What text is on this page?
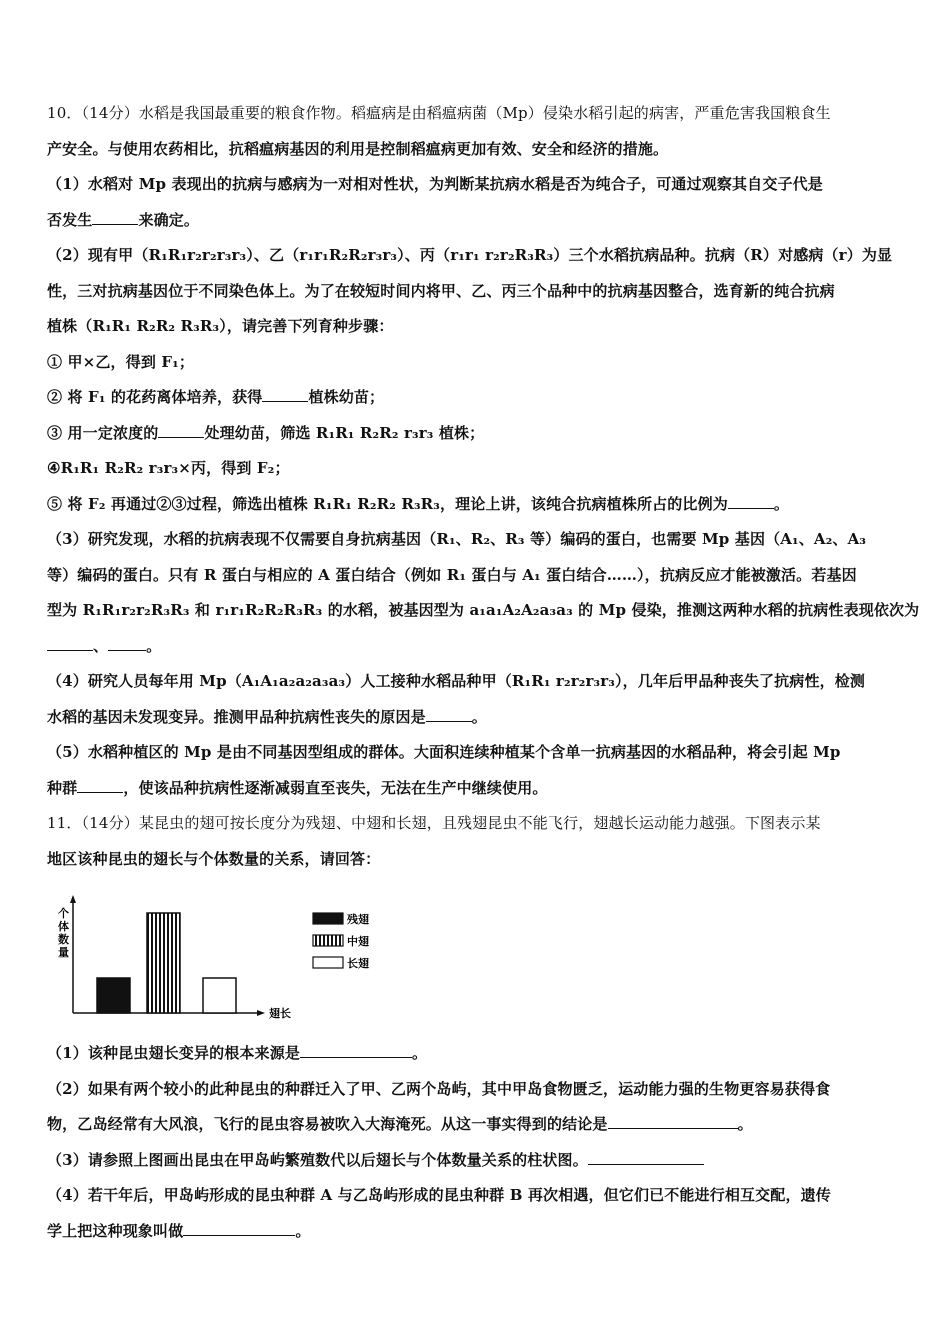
10．（14分）水稻是我国最重要的粮食作物。稻瘟病是由稻瘟病菌（Mp）侵染水稻引起的病害，严重危害我国粮食生
产安全。与使用农药相比，抗稻瘟病基因的利用是控制稻瘟病更加有效、安全和经济的措施。
（1）水稻对 Mp 表现出的抗病与感病为一对相对性状，为判断某抗病水稻是否为纯合子，可通过观察其自交子代是
否发生	来确定。
（2）现有甲（R₁R₁r₂r₂r₃r₃）、乙（r₁r₁R₂R₂r₃r₃）、丙（r₁r₁ r₂r₂R₃R₃）三个水稻抗病品种。抗病（R）对感病（r）为显
性，三对抗病基因位于不同染色体上。为了在较短时间内将甲、乙、丙三个品种中的抗病基因整合，选育新的纯合抗病
植株（R₁R₁ R₂R₂ R₃R₃），请完善下列育种步骤：
① 甲×乙，得到 F₁；
② 将 F₁ 的花药离体培养，获得	植株幼苗；
③ 用一定浓度的	处理幼苗，筛选 R₁R₁ R₂R₂ r₃r₃ 植株；
④R₁R₁ R₂R₂ r₃r₃×丙，得到 F₂；
⑤ 将 F₂ 再通过②③过程，筛选出植株 R₁R₁ R₂R₂ R₃R₃，理论上讲，该纯合抗病植株所占的比例为	。
（3）研究发现，水稻的抗病表现不仅需要自身抗病基因（R₁、R₂、R₃ 等）编码的蛋白，也需要 Mp 基因（A₁、A₂、A₃
等）编码的蛋白。只有 R 蛋白与相应的 A 蛋白结合（例如 R₁ 蛋白与 A₁ 蛋白结合……），抗病反应才能被激活。若基因
型为 R₁R₁r₂r₂R₃R₃ 和 r₁r₁R₂R₂R₃R₃ 的水稻，被基因型为 a₁a₁A₂A₂a₃a₃ 的 Mp 侵染，推测这两种水稻的抗病性表现依次为
、	。
（4）研究人员每年用 Mp（A₁A₁a₂a₂a₃a₃）人工接种水稻品种甲（R₁R₁ r₂r₂r₃r₃），几年后甲品种丧失了抗病性，检测
水稻的基因未发现变异。推测甲品种抗病性丧失的原因是	。
（5）水稻种植区的 Mp 是由不同基因型组成的群体。大面积连续种植某个含单一抗病基因的水稻品种，将会引起 Mp
种群	，使该品种抗病性逐渐减弱直至丧失，无法在生产中继续使用。
11．（14分）某昆虫的翅可按长度分为残翅、中翅和长翅，且残翅昆虫不能飞行，翅越长运动能力越强。下图表示某
地区该种昆虫的翅长与个体数量的关系，请回答：
个体数量
翅长
残翅
中翅
长翅
（1）该种昆虫翅长变异的根本来源是	。
（2）如果有两个较小的此种昆虫的种群迁入了甲、乙两个岛屿，其中甲岛食物匮乏，运动能力强的生物更容易获得食
物，乙岛经常有大风浪，飞行的昆虫容易被吹入大海淹死。从这一事实得到的结论是	。
（3）请参照上图画出昆虫在甲岛屿繁殖数代以后翅长与个体数量关系的柱状图。
（4）若干年后，甲岛屿形成的昆虫种群 A 与乙岛屿形成的昆虫种群 B 再次相遇，但它们已不能进行相互交配，遗传
学上把这种现象叫做	。
